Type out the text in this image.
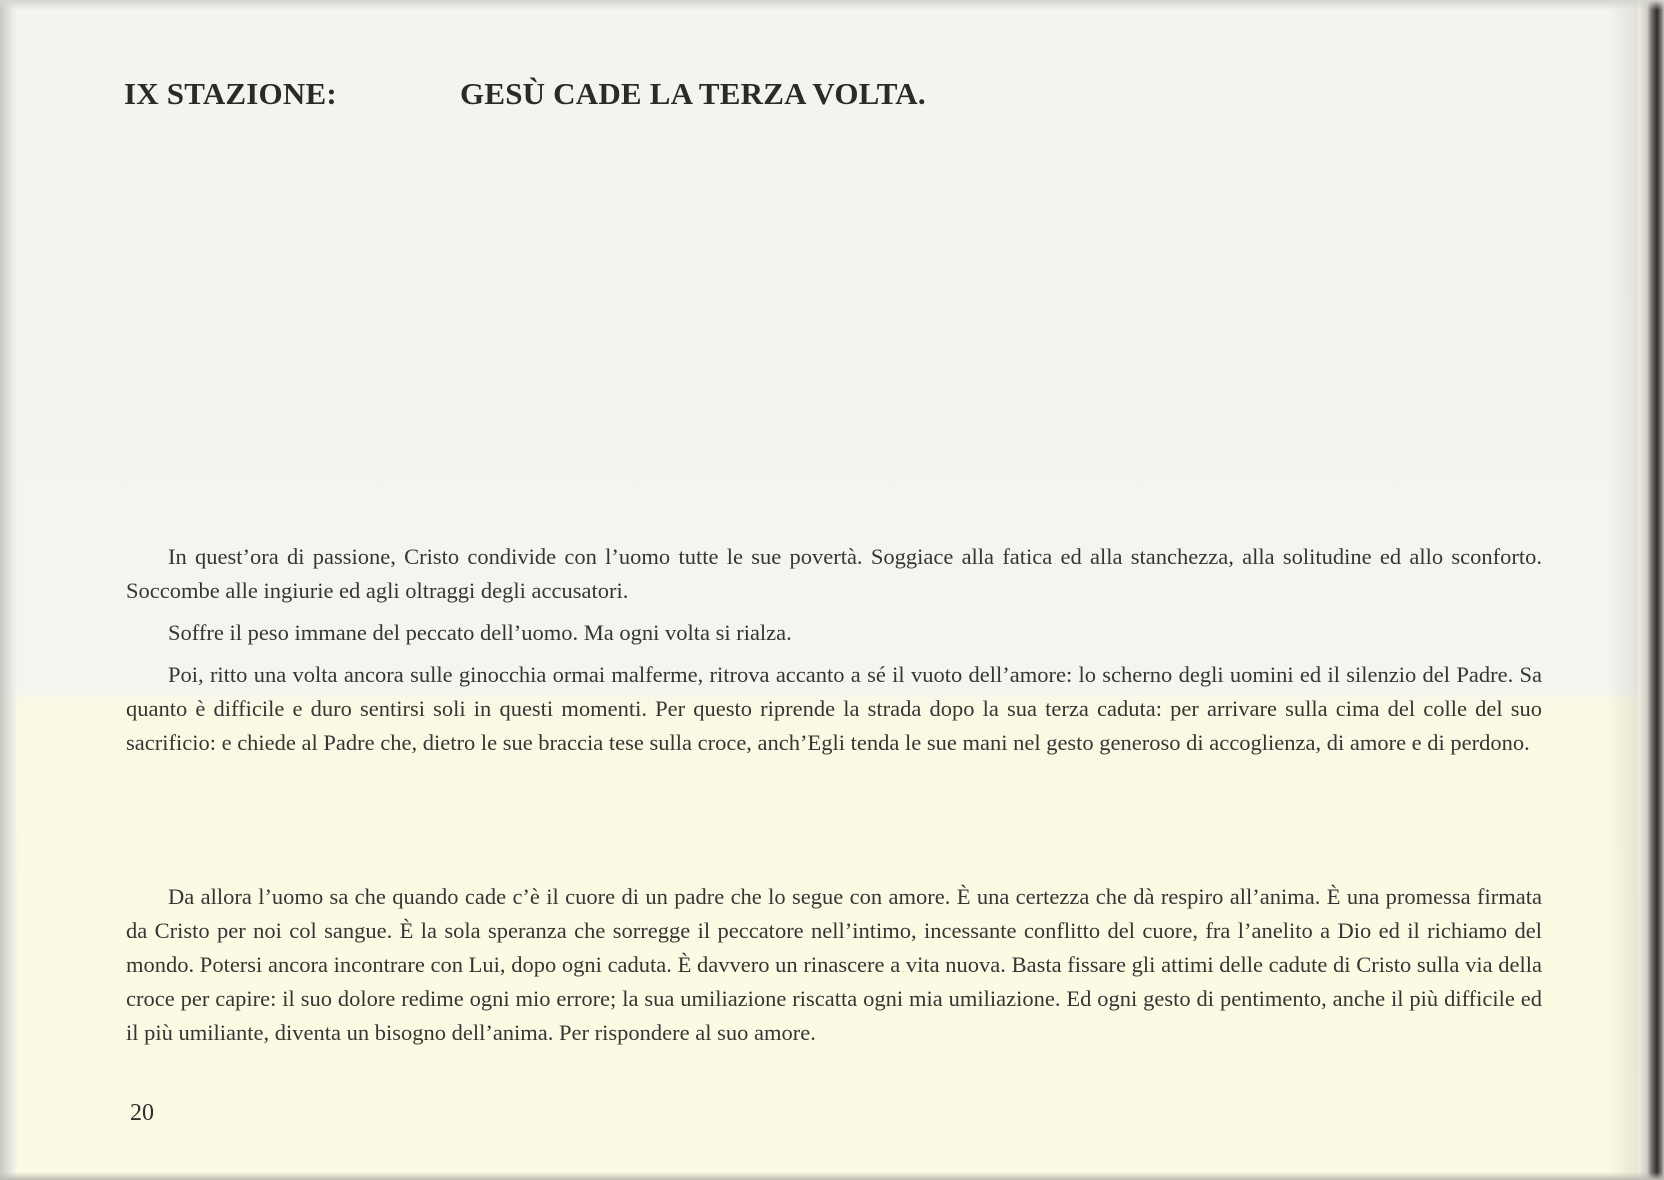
IX STAZIONE:	GESÙ CADE LA TERZA VOLTA.

In quest’ora di passione, Cristo condivide con l’uomo tutte le sue povertà. Soggiace alla fatica ed alla stanchezza, alla solitudine ed allo sconforto. Soccombe alle ingiurie ed agli oltraggi degli accusatori.

Soffre il peso immane del peccato dell’uomo. Ma ogni volta si rialza.

Poi, ritto una volta ancora sulle ginocchia ormai malferme, ritrova accanto a sé il vuoto dell’amore: lo scherno degli uomini ed il silenzio del Padre. Sa quanto è difficile e duro sentirsi soli in questi momenti. Per questo riprende la strada dopo la sua terza caduta: per arrivare sulla cima del colle del suo sacrificio: e chiede al Padre che, dietro le sue braccia tese sulla croce, anch’Egli tenda le sue mani nel gesto generoso di accoglienza, di amore e di perdono.

Da allora l’uomo sa che quando cade c’è il cuore di un padre che lo segue con amore. È una certezza che dà respiro all’anima. È una promessa firmata da Cristo per noi col sangue. È la sola speranza che sorregge il peccatore nell’intimo, incessante conflitto del cuore, fra l’anelito a Dio ed il richiamo del mondo. Potersi ancora incontrare con Lui, dopo ogni caduta. È davvero un rinascere a vita nuova. Basta fissare gli attimi delle cadute di Cristo sulla via della croce per capire: il suo dolore redime ogni mio errore; la sua umiliazione riscatta ogni mia umiliazione. Ed ogni gesto di pentimento, anche il più difficile ed il più umiliante, diventa un bisogno dell’anima. Per rispondere al suo amore.

20
